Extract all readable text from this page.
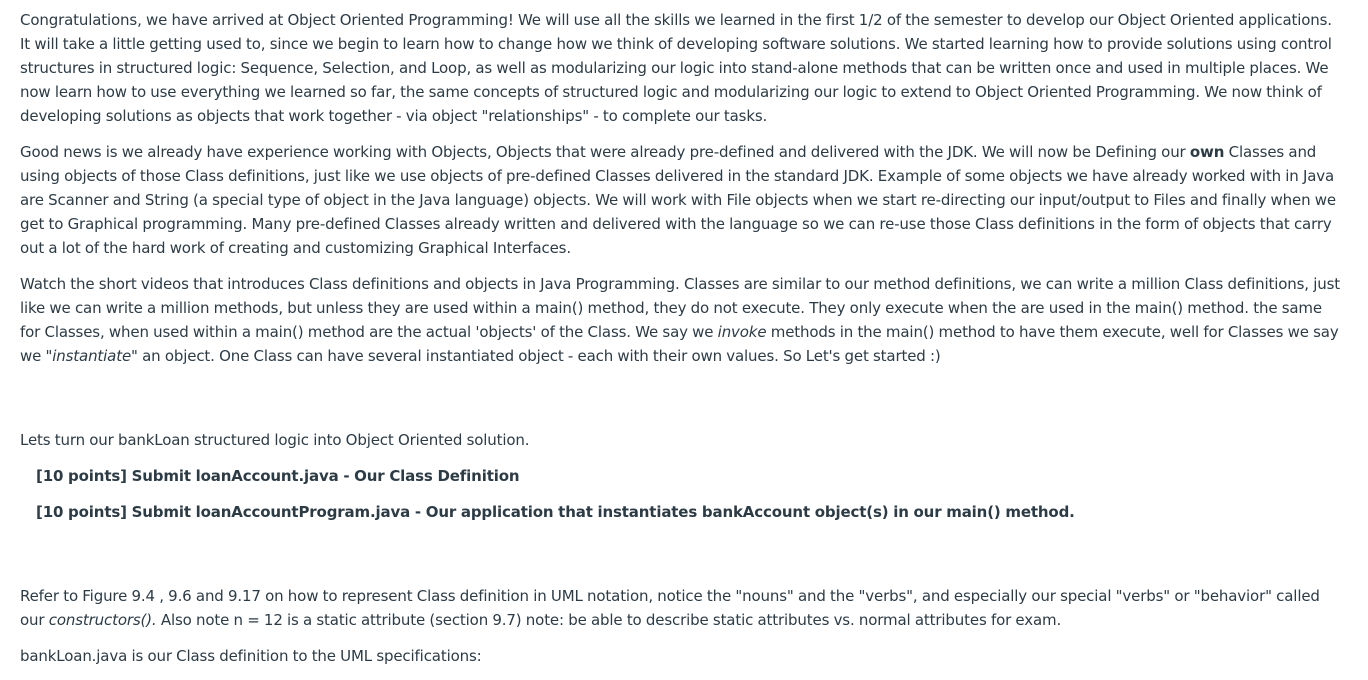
Congratulations, we have arrived at Object Oriented Programming! We will use all the skills we learned in the first 1/2 of the semester to develop our Object Oriented applications. It will take a little getting used to, since we begin to learn how to change how we think of developing software solutions. We started learning how to provide solutions using control structures in structured logic: Sequence, Selection, and Loop, as well as modularizing our logic into stand-alone methods that can be written once and used in multiple places. We now learn how to use everything we learned so far, the same concepts of structured logic and modularizing our logic to extend to Object Oriented Programming. We now think of developing solutions as objects that work together - via object "relationships" - to complete our tasks.

Good news is we already have experience working with Objects, Objects that were already pre-defined and delivered with the JDK. We will now be Defining our own Classes and using objects of those Class definitions, just like we use objects of pre-defined Classes delivered in the standard JDK. Example of some objects we have already worked with in Java are Scanner and String (a special type of object in the Java language) objects. We will work with File objects when we start re-directing our input/output to Files and finally when we get to Graphical programming. Many pre-defined Classes already written and delivered with the language so we can re-use those Class definitions in the form of objects that carry out a lot of the hard work of creating and customizing Graphical Interfaces.

Watch the short videos that introduces Class definitions and objects in Java Programming. Classes are similar to our method definitions, we can write a million Class definitions, just like we can write a million methods, but unless they are used within a main() method, they do not execute. They only execute when the are used in the main() method. the same for Classes, when used within a main() method are the actual 'objects' of the Class. We say we invoke methods in the main() method to have them execute, well for Classes we say we "instantiate" an object. One Class can have several instantiated object - each with their own values. So Let's get started :)

Lets turn our bankLoan structured logic into Object Oriented solution.

[10 points] Submit loanAccount.java - Our Class Definition

[10 points] Submit loanAccountProgram.java - Our application that instantiates bankAccount object(s) in our main() method.

Refer to Figure 9.4 , 9.6 and 9.17 on how to represent Class definition in UML notation, notice the "nouns" and the "verbs", and especially our special "verbs" or "behavior" called our constructors(). Also note n = 12 is a static attribute (section 9.7) note: be able to describe static attributes vs. normal attributes for exam.

bankLoan.java is our Class definition to the UML specifications:
